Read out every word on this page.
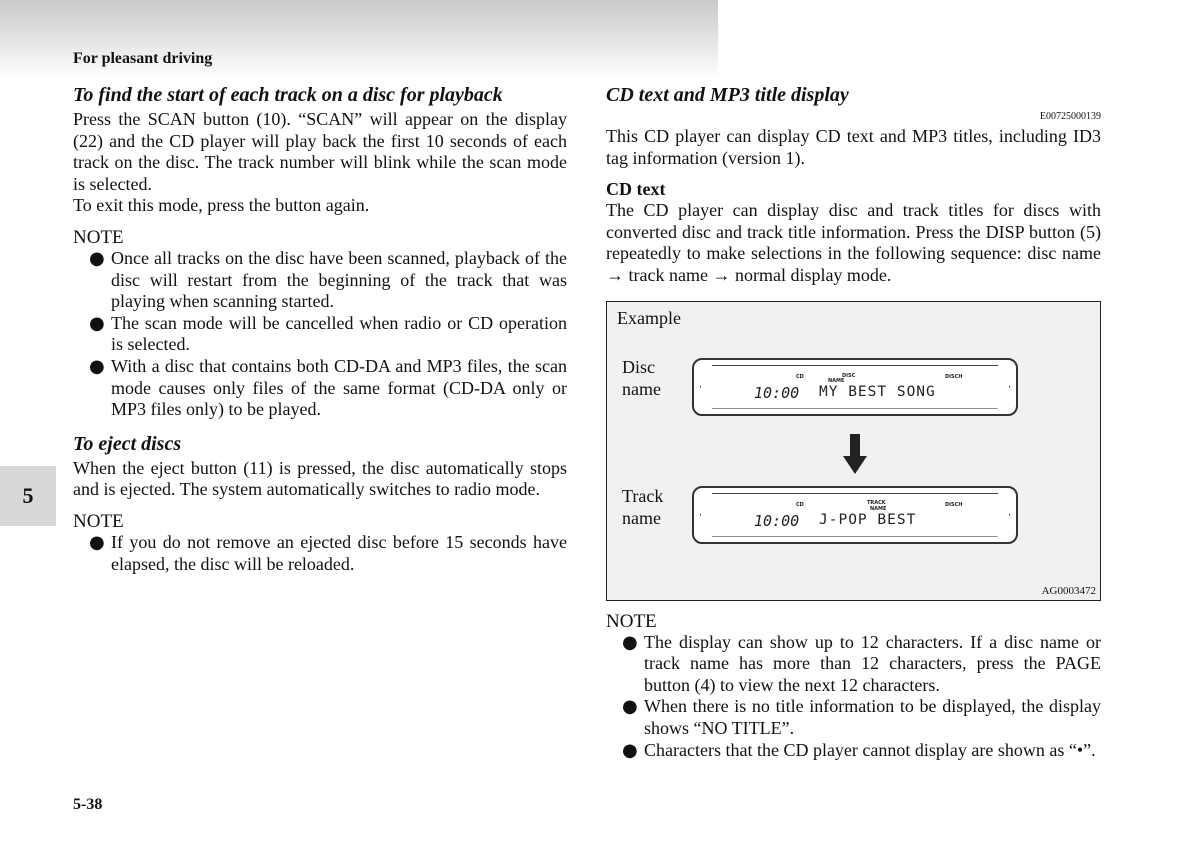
For pleasant driving
5
5-38
To find the start of each track on a disc for playback

Press the SCAN button (10). “SCAN” will appear on the display (22) and the CD player will play back the first 10 seconds of each track on the disc. The track number will blink while the scan mode is selected.

To exit this mode, press the button again.

NOTE
● Once all tracks on the disc have been scanned, playback of the disc will restart from the beginning of the track that was playing when scanning started.
● The scan mode will be cancelled when radio or CD operation is selected.
● With a disc that contains both CD-DA and MP3 files, the scan mode causes only files of the same format (CD-DA only or MP3 files only) to be played.
To eject discs

When the eject button (11) is pressed, the disc automatically stops and is ejected. The system automatically switches to radio mode.

NOTE
● If you do not remove an ejected disc before 15 seconds have elapsed, the disc will be reloaded.
CD text and MP3 title display
E00725000139

This CD player can display CD text and MP3 titles, including ID3 tag information (version 1).

CD text

The CD player can display disc and track titles for discs with converted disc and track title information. Press the DISP button (5) repeatedly to make selections in the following sequence: disc name → track name → normal display mode.

Example
Disc
name
CD
NAME
DISC	DISCH
10:00 MY BEST SONG
Track
name
CD	TRACK
NAME
DISCH
10:00 J-POP BEST
AG0003472
NOTE
● The display can show up to 12 characters. If a disc name or track name has more than 12 characters, press the PAGE button (4) to view the next 12 characters.
● When there is no title information to be displayed, the display shows “NO TITLE”.
● Characters that the CD player cannot display are shown as “•”.
